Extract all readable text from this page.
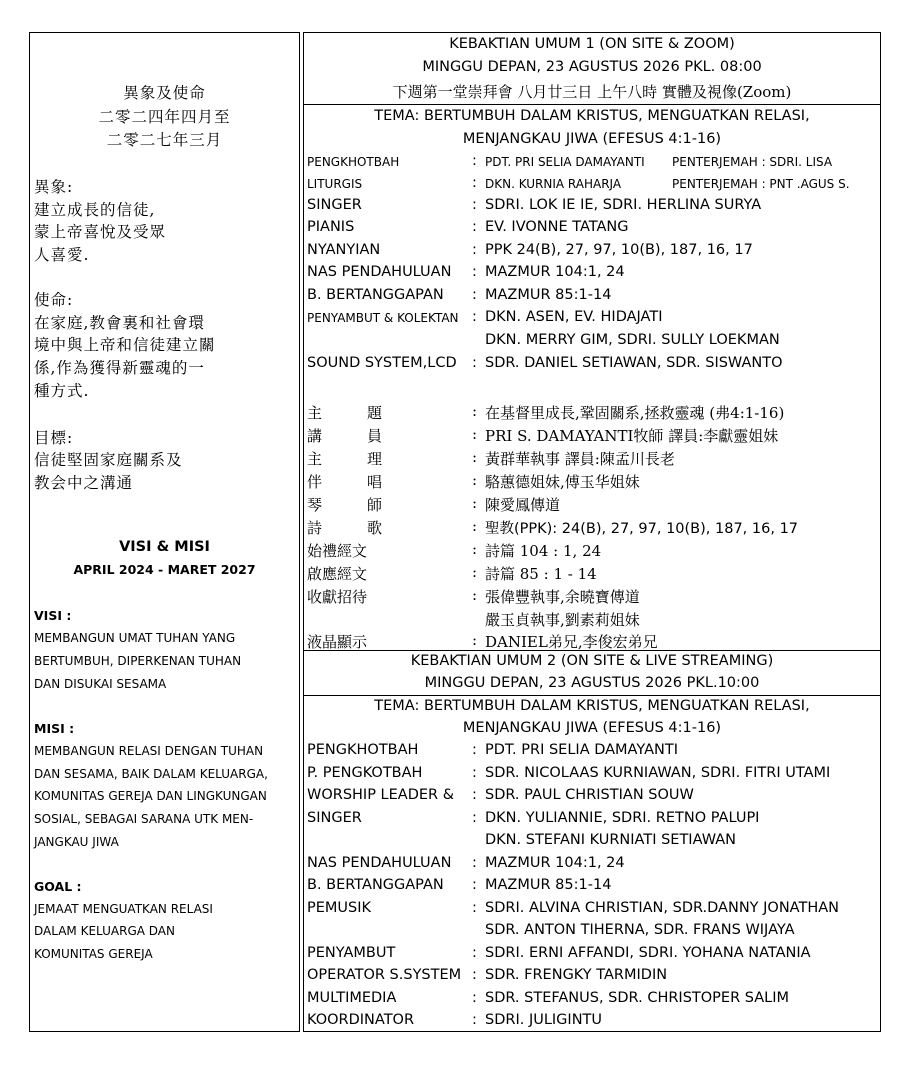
異象及使命
二零二四年四月至
二零二七年三月
異象:
建立成長的信徒,
蒙上帝喜悅及受眾
人喜愛.
使命:
在家庭,教會裏和社會環
境中與上帝和信徒建立關
係,作為獲得新靈魂的一
種方式.
目標:
信徒堅固家庭關系及
教会中之溝通
VISI & MISI
APRIL 2024 - MARET 2027
VISI :
MEMBANGUN UMAT TUHAN YANG
BERTUMBUH, DIPERKENAN TUHAN
DAN DISUKAI SESAMA
MISI :
MEMBANGUN RELASI DENGAN TUHAN
DAN SESAMA, BAIK DALAM KELUARGA,
KOMUNITAS GEREJA DAN LINGKUNGAN
SOSIAL, SEBAGAI SARANA UTK MEN-
JANGKAU JIWA
GOAL :
JEMAAT MENGUATKAN RELASI
DALAM KELUARGA DAN
KOMUNITAS GEREJA
KEBAKTIAN UMUM 1 (ON SITE & ZOOM)
MINGGU DEPAN, 23 AGUSTUS 2026 PKL. 08:00
下週第一堂崇拜會 八月廿三日 上午八時 實體及視像(Zoom)
TEMA: BERTUMBUH DALAM KRISTUS, MENGUATKAN RELASI,
MENJANGKAU JIWA (EFESUS 4:1-16)
PENGKHOTBAH	: PDT. PRI SELIA DAMAYANTI PENTERJEMAH : SDRI. LISA
LITURGIS	: DKN. KURNIA RAHARJA	PENTERJEMAH : PNT .AGUS S.
SINGER	: SDRI. LOK IE IE, SDRI. HERLINA SURYA
PIANIS	: EV. IVONNE TATANG
NYANYIAN	: PPK 24(B), 27, 97, 10(B), 187, 16, 17
NAS PENDAHULUAN : MAZMUR 104:1, 24
B. BERTANGGAPAN : MAZMUR 85:1-14
PENYAMBUT & KOLEKTAN : DKN. ASEN, EV. HIDAJATI
DKN. MERRY GIM, SDRI. SULLY LOEKMAN
SOUND SYSTEM,LCD : SDR. DANIEL SETIAWAN, SDR. SISWANTO
主	題	: 在基督里成長,鞏固關系,拯救靈魂 (弗4:1-16)
講	員	: PRI S. DAMAYANTI牧師 譯員:李獻靈姐妹
主	理	: 黃群華執事 譯員:陳孟川長老
伴	唱	: 駱蕙德姐妹,傅玉华姐妹
琴	師	: 陳愛鳳傳道
詩	歌	: 聖教(PPK): 24(B), 27, 97, 10(B), 187, 16, 17
始禮經文	: 詩篇 104 : 1, 24
啟應經文	: 詩篇 85 : 1 - 14
收獻招待	: 張偉豐執事,余曉寶傳道
嚴玉貞執事,劉素莉姐妹
液晶顯示	: DANIEL弟兄,李俊宏弟兄
KEBAKTIAN UMUM 2 (ON SITE & LIVE STREAMING)
MINGGU DEPAN, 23 AGUSTUS 2026 PKL.10:00
TEMA: BERTUMBUH DALAM KRISTUS, MENGUATKAN RELASI,
MENJANGKAU JIWA (EFESUS 4:1-16)
PENGKHOTBAH	: PDT. PRI SELIA DAMAYANTI
P. PENGKOTBAH	: SDR. NICOLAAS KURNIAWAN, SDRI. FITRI UTAMI
WORSHIP LEADER & : SDR. PAUL CHRISTIAN SOUW
SINGER	: DKN. YULIANNIE, SDRI. RETNO PALUPI
DKN. STEFANI KURNIATI SETIAWAN
NAS PENDAHULUAN : MAZMUR 104:1, 24
B. BERTANGGAPAN : MAZMUR 85:1-14
PEMUSIK	: SDRI. ALVINA CHRISTIAN, SDR.DANNY JONATHAN
SDR. ANTON TIHERNA, SDR. FRANS WIJAYA
PENYAMBUT	: SDRI. ERNI AFFANDI, SDRI. YOHANA NATANIA
OPERATOR S.SYSTEM : SDR. FRENGKY TARMIDIN
MULTIMEDIA	: SDR. STEFANUS, SDR. CHRISTOPER SALIM
KOORDINATOR	: SDRI. JULIGINTU
